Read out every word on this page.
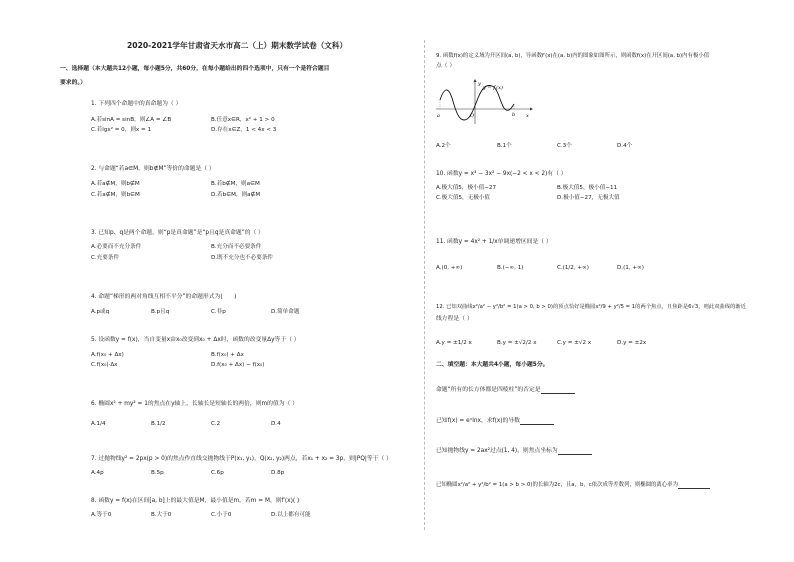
2020-2021学年甘肃省天水市高二（上）期末数学试卷（文科）
一、选择题（本大题共12小题，每小题5分，共60分，在每小题给出的四个选项中，只有一个是符合题目
要求的。）
1. 下列四个命题中的真命题为（ ）
A.若sinA = sinB，则∠A = ∠B	B.任意x∈R，x² + 1 > 0
C.若lgx² = 0，则x = 1	D.存在x∈Z，1 < 4x < 3
2. 与命题“若a∈M，则b∉M”等价的命题是（ ）
A.若a∉M，则b∉M	B.若b∉M，则a∈M
C.若a∉M，则b∈M	D.若b∈M，则a∉M
3. 已知p、q是两个命题，则“p是真命题”是“p且q是真命题”的（ ）
A.必要而不充分条件	B.充分而不必要条件
C.充要条件	D.既不充分也不必要条件
4. 命题“梯形的两对角线互相不平分”的命题形式为(　　)
A.p或q	B.p且q	C.非p	D.简单命题
5. 设函数y = f(x)，当自变量x由x₀改变到x₀ + Δx时，函数的改变量Δy等于（ ）
A.f(x₀ + Δx)	B.f(x₀) + Δx
C.f(x₀)·Δx	D.f(x₀ + Δx) − f(x₀)
6. 椭圆x² + my² = 1的焦点在y轴上，长轴长是短轴长的两倍，则m的值为（ ）
A.1/4	B.1/2	C.2	D.4
7. 过抛物线y² = 2px(p > 0)的焦点作直线交抛物线于P(x₁, y₁)，Q(x₂, y₂)两点，若x₁ + x₂ = 3p，则|PQ|等于（ ）
A.4p	B.5p	C.6p	D.8p
8. 函数y = f(x)在区间[a, b]上的最大值是M，最小值是m，若m = M，则f′(x)( )
A.等于0	B.大于0	C.小于0	D.以上都有可能
9. 函数f(x)的定义域为开区间(a, b)，导函数f′(x)在(a, b)内的图象如图所示，则函数f(x)在开区间(a, b)内有极小值
点（ ）
y
y = f′(x)
a	O	b x
A.2个	B.1个	C.3个	D.4个
10. 函数y = x³ − 3x² − 9x(−2 < x < 2)有（ ）
A.极大值5，极小值−27	B.极大值5，极小值−11
C.极大值5，无极小值	D.极小值−27，无极大值
11. 函数y = 4x² + 1/x单调递增区间是（ ）
A.(0, +∞)	B.(−∞, 1)	C.(1/2, +∞)	D.(1, +∞)
12. 已知双曲线x²/a² − y²/b² = 1(a > 0, b > 0)的顶点恰好是椭圆x²/9 + y²/5 = 1的两个焦点，且焦距是6√3，则此双曲线的渐近
线方程是（ ）
A.y = ±1/2 x	B.y = ±√2/2 x	C.y = ±√2 x	D.y = ±2x
二、填空题：本大题共4小题，每小题5分。
命题“所有的长方体都是四棱柱”的否定是
已知f(x) = eˣlnx，求f(x)的导数
已知抛物线y = 2ax²过点(1, 4)，则焦点坐标为
已知椭圆x²/a² + y²/b² = 1(a > b > 0)的长轴为2c，且a，b，c依次成等差数列，则椭圆的离心率为
